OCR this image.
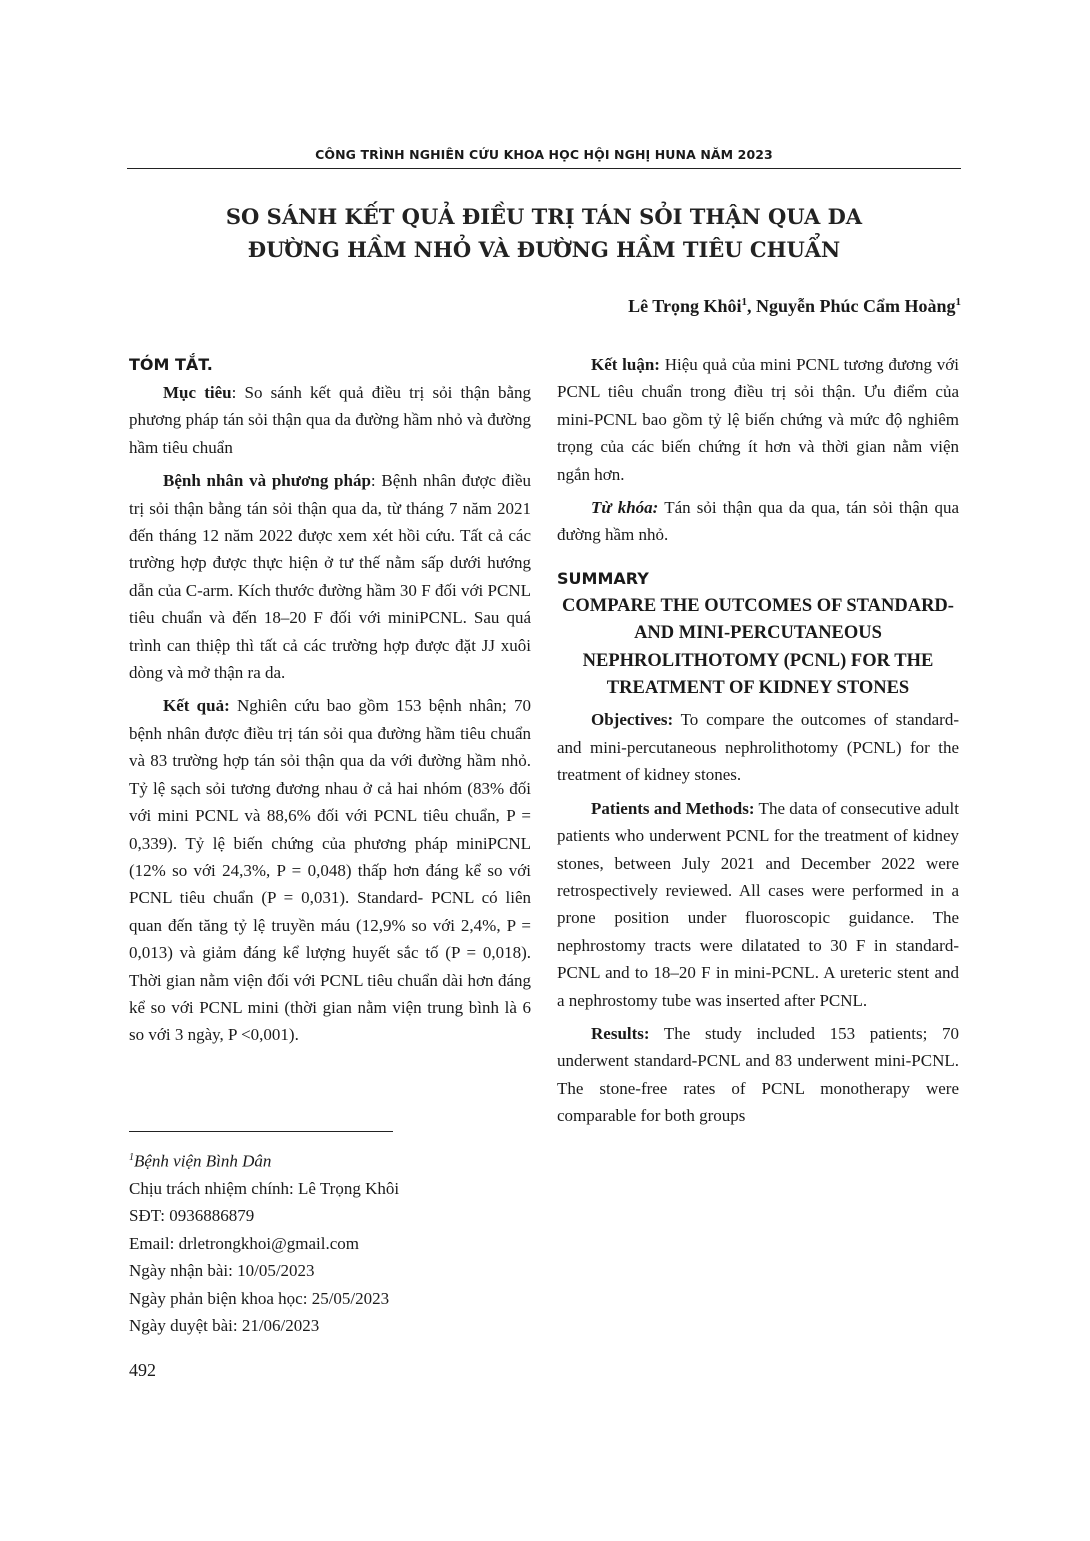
CÔNG TRÌNH NGHIÊN CỨU KHOA HỌC HỘI NGHỊ HUNA NĂM 2023
SO SÁNH KẾT QUẢ ĐIỀU TRỊ TÁN SỎI THẬN QUA DA
ĐƯỜNG HẦM NHỎ VÀ ĐƯỜNG HẦM TIÊU CHUẨN
Lê Trọng Khôi$^1$, Nguyễn Phúc Cẩm Hoàng$^1$
TÓM TẮT.

Mục tiêu: So sánh kết quả điều trị sỏi thận bằng phương pháp tán sỏi thận qua da đường hầm nhỏ và đường hầm tiêu chuẩn

Bệnh nhân và phương pháp: Bệnh nhân được điều trị sỏi thận bằng tán sỏi thận qua da, từ tháng 7 năm 2021 đến tháng 12 năm 2022 được xem xét hồi cứu. Tất cả các trường hợp được thực hiện ở tư thế nằm sấp dưới hướng dẫn của C-arm. Kích thước đường hầm 30 F đối với PCNL tiêu chuẩn và đến 18–20 F đối với miniPCNL. Sau quá trình can thiệp thì tất cả các trường hợp được đặt JJ xuôi dòng và mở thận ra da.

Kết quả: Nghiên cứu bao gồm 153 bệnh nhân; 70 bệnh nhân được điều trị tán sỏi qua đường hầm tiêu chuẩn và 83 trường hợp tán sỏi thận qua da với đường hầm nhỏ. Tỷ lệ sạch sỏi tương đương nhau ở cả hai nhóm (83% đối với mini PCNL và 88,6% đối với PCNL tiêu chuẩn, P = 0,339). Tỷ lệ biến chứng của phương pháp miniPCNL (12% so với 24,3%, P = 0,048) thấp hơn đáng kể so với PCNL tiêu chuẩn (P = 0,031). Standard- PCNL có liên quan đến tăng tỷ lệ truyền máu (12,9% so với 2,4%, P = 0,013) và giảm đáng kể lượng huyết sắc tố (P = 0,018). Thời gian nằm viện đối với PCNL tiêu chuẩn dài hơn đáng kể so với PCNL mini (thời gian nằm viện trung bình là 6 so với 3 ngày, P <0,001).

Kết luận: Hiệu quả của mini PCNL tương đương với PCNL tiêu chuẩn trong điều trị sỏi thận. Ưu điểm của mini-PCNL bao gồm tỷ lệ biến chứng và mức độ nghiêm trọng của các biến chứng ít hơn và thời gian nằm viện ngắn hơn.

Từ khóa: Tán sỏi thận qua da qua, tán sỏi thận qua đường hầm nhỏ.

SUMMARY
COMPARE THE OUTCOMES OF STANDARD-AND MINI-PERCUTANEOUS NEPHROLITHOTOMY (PCNL) FOR THE TREATMENT OF KIDNEY STONES

Objectives: To compare the outcomes of standard- and mini-percutaneous nephrolithotomy (PCNL) for the treatment of kidney stones.

Patients and Methods: The data of consecutive adult patients who underwent PCNL for the treatment of kidney stones, between July 2021 and December 2022 were retrospectively reviewed. All cases were performed in a prone position under fluoroscopic guidance. The nephrostomy tracts were dilatated to 30 F in standard-PCNL and to 18–20 F in mini-PCNL. A ureteric stent and a nephrostomy tube was inserted after PCNL.

Results: The study included 153 patients; 70 underwent standard-PCNL and 83 underwent mini-PCNL. The stone-free rates of PCNL monotherapy were comparable for both groups

$^1$Bệnh viện Bình Dân
Chịu trách nhiệm chính: Lê Trọng Khôi
SĐT: 0936886879
Email: drletrongkhoi@gmail.com
Ngày nhận bài: 10/05/2023
Ngày phản biện khoa học: 25/05/2023
Ngày duyệt bài: 21/06/2023
492
